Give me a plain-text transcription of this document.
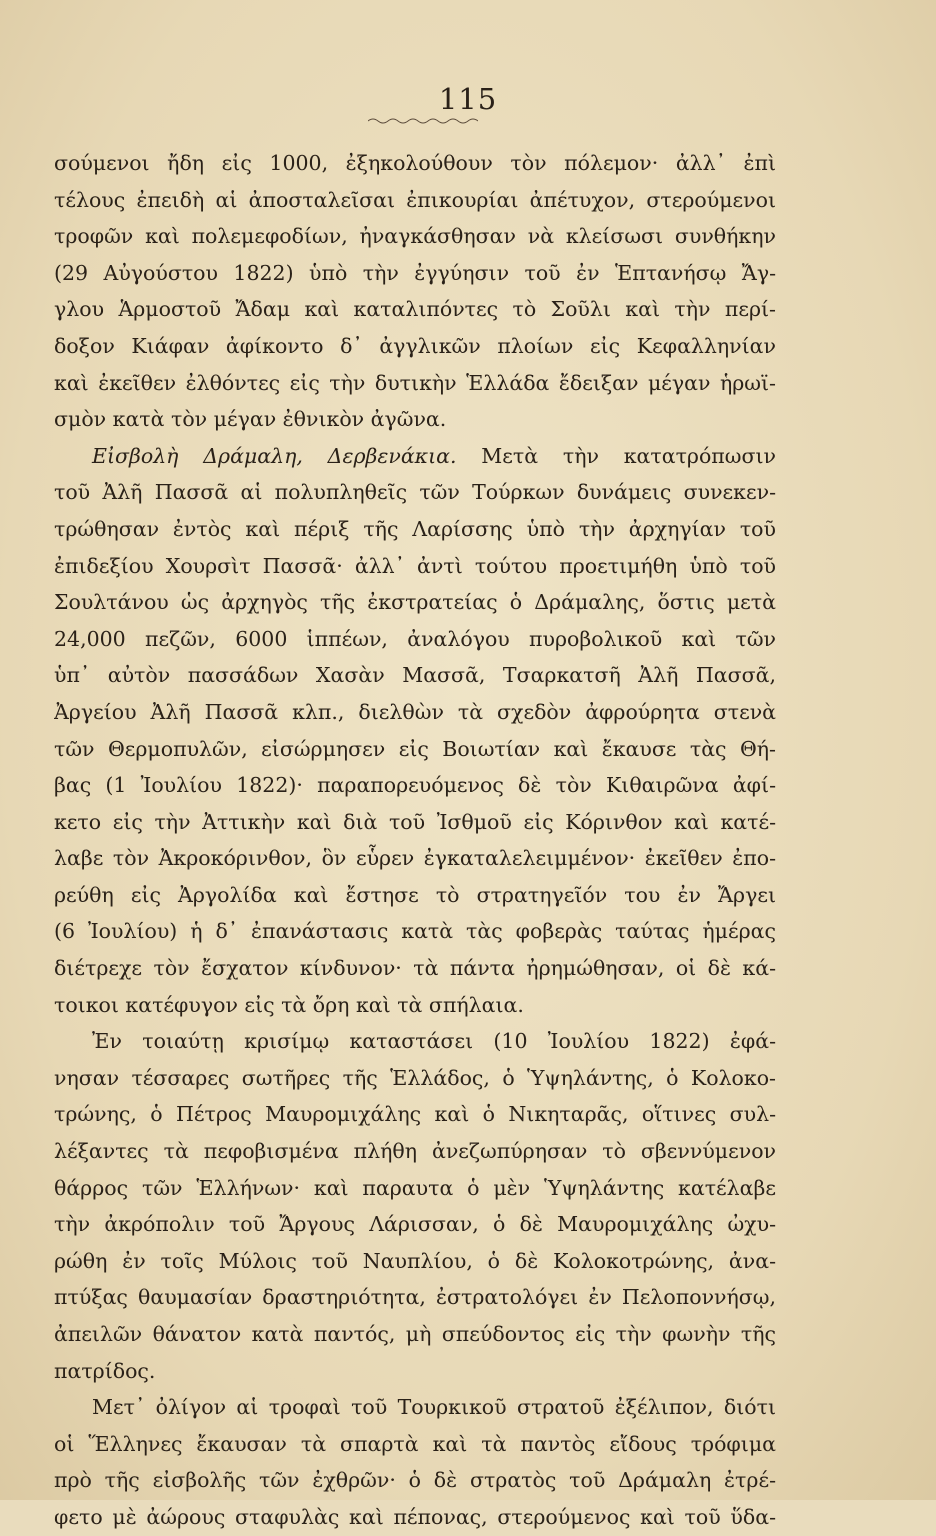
115
σούμενοι ἤδη εἰς 1000, ἐξηκολούθουν τὸν πόλεμον· ἀλλ᾽ ἐπὶ
τέλους ἐπειδὴ αἱ ἀποσταλεῖσαι ἐπικουρίαι ἀπέτυχον, στερούμενοι
τροφῶν καὶ πολεμεφοδίων, ἠναγκάσθησαν νὰ κλείσωσι συνθήκην
(29 Αὐγούστου 1822) ὑπὸ τὴν ἐγγύησιν τοῦ ἐν Ἑπτανήσῳ Ἄγ-
γλου Ἁρμοστοῦ Ἄδαμ καὶ καταλιπόντες τὸ Σοῦλι καὶ τὴν περί-
δοξον Κιάφαν ἀφίκοντο δ᾽ ἀγγλικῶν πλοίων εἰς Κεφαλληνίαν
καὶ ἐκεῖθεν ἐλθόντες εἰς τὴν δυτικὴν Ἑλλάδα ἔδειξαν μέγαν ἡρωϊ-
σμὸν κατὰ τὸν μέγαν ἐθνικὸν ἀγῶνα.
Εἰσβολὴ Δράμαλη, Δερβενάκια. Μετὰ τὴν κατατρόπωσιν
τοῦ Ἀλῆ Πασσᾶ αἱ πολυπληθεῖς τῶν Τούρκων δυνάμεις συνεκεν-
τρώθησαν ἐντὸς καὶ πέριξ τῆς Λαρίσσης ὑπὸ τὴν ἀρχηγίαν τοῦ
ἐπιδεξίου Χουρσὶτ Πασσᾶ· ἀλλ᾽ ἀντὶ τούτου προετιμήθη ὑπὸ τοῦ
Σουλτάνου ὡς ἀρχηγὸς τῆς ἐκστρατείας ὁ Δράμαλης, ὅστις μετὰ
24,000 πεζῶν, 6000 ἱππέων, ἀναλόγου πυροβολικοῦ καὶ τῶν
ὑπ᾽ αὐτὸν πασσάδων Χασὰν Μασσᾶ, Τσαρκατσῆ Ἀλῆ Πασσᾶ,
Ἀργείου Ἀλῆ Πασσᾶ κλπ., διελθὼν τὰ σχεδὸν ἀφρούρητα στενὰ
τῶν Θερμοπυλῶν, εἰσώρμησεν εἰς Βοιωτίαν καὶ ἔκαυσε τὰς Θή-
βας (1 Ἰουλίου 1822)· παραπορευόμενος δὲ τὸν Κιθαιρῶνα ἀφί-
κετο εἰς τὴν Ἀττικὴν καὶ διὰ τοῦ Ἰσθμοῦ εἰς Κόρινθον καὶ κατέ-
λαβε τὸν Ἀκροκόρινθον, ὃν εὗρεν ἐγκαταλελειμμένον· ἐκεῖθεν ἐπο-
ρεύθη εἰς Ἀργολίδα καὶ ἔστησε τὸ στρατηγεῖόν του ἐν Ἄργει
(6 Ἰουλίου) ἡ δ᾽ ἐπανάστασις κατὰ τὰς φοβερὰς ταύτας ἡμέρας
διέτρεχε τὸν ἔσχατον κίνδυνον· τὰ πάντα ἠρημώθησαν, οἱ δὲ κά-
τοικοι κατέφυγον εἰς τὰ ὄρη καὶ τὰ σπήλαια.
Ἐν τοιαύτῃ κρισίμῳ καταστάσει (10 Ἰουλίου 1822) ἐφά-
νησαν τέσσαρες σωτῆρες τῆς Ἑλλάδος, ὁ Ὑψηλάντης, ὁ Κολοκο-
τρώνης, ὁ Πέτρος Μαυρομιχάλης καὶ ὁ Νικηταρᾶς, οἵτινες συλ-
λέξαντες τὰ πεφοβισμένα πλήθη ἀνεζωπύρησαν τὸ σβεννύμενον
θάρρος τῶν Ἑλλήνων· καὶ παραυτα ὁ μὲν Ὑψηλάντης κατέλαβε
τὴν ἀκρόπολιν τοῦ Ἄργους Λάρισσαν, ὁ δὲ Μαυρομιχάλης ὠχυ-
ρώθη ἐν τοῖς Μύλοις τοῦ Ναυπλίου, ὁ δὲ Κολοκοτρώνης, ἀνα-
πτύξας θαυμασίαν δραστηριότητα, ἐστρατολόγει ἐν Πελοποννήσῳ,
ἀπειλῶν θάνατον κατὰ παντός, μὴ σπεύδοντος εἰς τὴν φωνὴν τῆς
πατρίδος.
Μετ᾽ ὀλίγον αἱ τροφαὶ τοῦ Τουρκικοῦ στρατοῦ ἐξέλιπον, διότι
οἱ Ἕλληνες ἔκαυσαν τὰ σπαρτὰ καὶ τὰ παντὸς εἴδους τρόφιμα
πρὸ τῆς εἰσβολῆς τῶν ἐχθρῶν· ὁ δὲ στρατὸς τοῦ Δράμαλη ἐτρέ-
φετο μὲ ἀώρους σταφυλὰς καὶ πέπονας, στερούμενος καὶ τοῦ ὕδα-
